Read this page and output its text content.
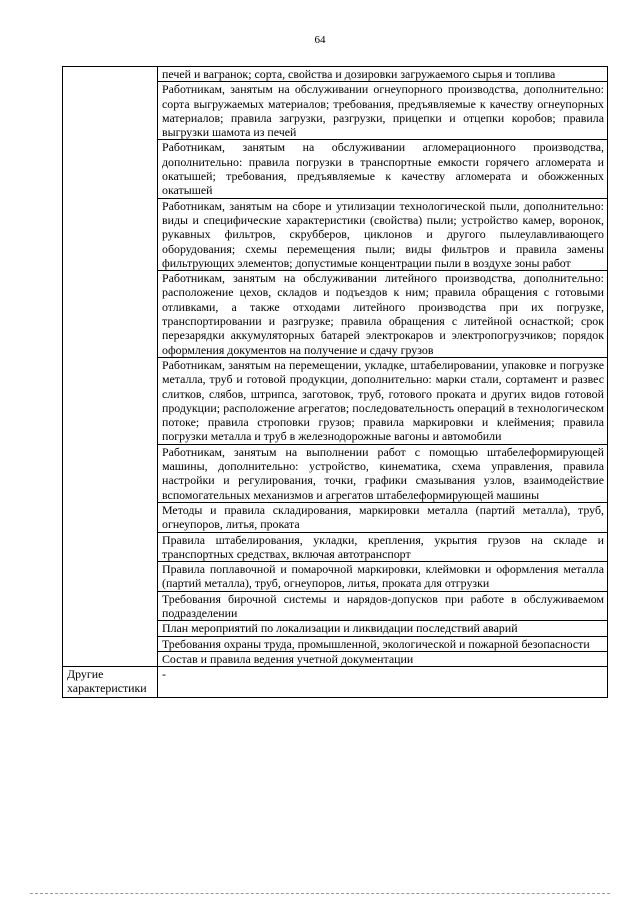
64

	печей и вагранок; сорта, свойства и дозировки загружаемого сырья и топлива

	Работникам, занятым на обслуживании огнеупорного производства, дополнительно: сорта выгружаемых материалов; требования, предъявляемые к качеству огнеупорных материалов; правила загрузки, разгрузки, прицепки и отцепки коробов; правила выгрузки шамота из печей

	Работникам, занятым на обслуживании агломерационного производства, дополнительно: правила погрузки в транспортные емкости горячего агломерата и окатышей; требования, предъявляемые к качеству агломерата и обожженных окатышей

	Работникам, занятым на сборе и утилизации технологической пыли, дополнительно: виды и специфические характеристики (свойства) пыли; устройство камер, воронок, рукавных фильтров, скрубберов, циклонов и другого пылеулавливающего оборудования; схемы перемещения пыли; виды фильтров и правила замены фильтрующих элементов; допустимые концентрации пыли в воздухе зоны работ

	Работникам, занятым на обслуживании литейного производства, дополнительно: расположение цехов, складов и подъездов к ним; правила обращения с готовыми отливками, а также отходами литейного производства при их погрузке, транспортировании и разгрузке; правила обращения с литейной оснасткой; срок перезарядки аккумуляторных батарей электрокаров и электропогрузчиков; порядок оформления документов на получение и сдачу грузов

	Работникам, занятым на перемещении, укладке, штабелировании, упаковке и погрузке металла, труб и готовой продукции, дополнительно: марки стали, сортамент и развес слитков, слябов, штрипса, заготовок, труб, готового проката и других видов готовой продукции; расположение агрегатов; последовательность операций в технологическом потоке; правила строповки грузов; правила маркировки и клеймения; правила погрузки металла и труб в железнодорожные вагоны и автомобили

	Работникам, занятым на выполнении работ с помощью штабелеформирующей машины, дополнительно: устройство, кинематика, схема управления, правила настройки и регулирования, точки, графики смазывания узлов, взаимодействие вспомогательных механизмов и агрегатов штабелеформирующей машины

	Методы и правила складирования, маркировки металла (партий металла), труб, огнеупоров, литья, проката

	Правила штабелирования, укладки, крепления, укрытия грузов на складе и транспортных средствах, включая автотранспорт

	Правила поплавочной и помарочной маркировки, клеймовки и оформления металла (партий металла), труб, огнеупоров, литья, проката для отгрузки

	Требования бирочной системы и нарядов-допусков при работе в обслуживаемом подразделении

	План мероприятий по локализации и ликвидации последствий аварий

	Требования охраны труда, промышленной, экологической и пожарной безопасности

	Состав и правила ведения учетной документации

Другие характеристики	-
